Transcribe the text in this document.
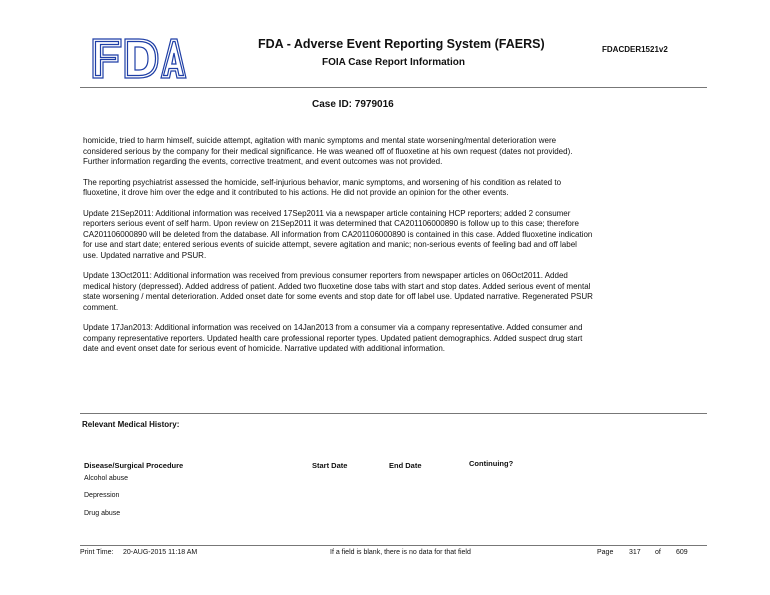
FDA
FDA - Adverse Event Reporting System (FAERS)
FOIA Case Report Information
FDACDER1521v2
Case ID: 7979016

homicide, tried to harm himself, suicide attempt, agitation with manic symptoms and mental state worsening/mental deterioration were considered serious by the company for their medical significance. He was weaned off of fluoxetine at his own request (dates not provided). Further information regarding the events, corrective treatment, and event outcomes was not provided.

The reporting psychiatrist assessed the homicide, self-injurious behavior, manic symptoms, and worsening of his condition as related to fluoxetine, it drove him over the edge and it contributed to his actions. He did not provide an opinion for the other events.

Update 21Sep2011: Additional information was received 17Sep2011 via a newspaper article containing HCP reporters; added 2 consumer reporters serious event of self harm. Upon review on 21Sep2011 it was determined that CA201106000890 is follow up to this case; therefore CA201106000890 will be deleted from the database. All information from CA201106000890 is contained in this case. Added fluoxetine indication for use and start date; entered serious events of suicide attempt, severe agitation and manic; non-serious events of feeling bad and off label use. Updated narrative and PSUR.

Update 13Oct2011: Additional information was received from previous consumer reporters from newspaper articles on 06Oct2011. Added medical history (depressed). Added address of patient. Added two fluoxetine dose tabs with start and stop dates. Added serious event of mental state worsening / mental deterioration. Added onset date for some events and stop date for off label use. Updated narrative. Regenerated PSUR comment.

Update 17Jan2013: Additional information was received on 14Jan2013 from a consumer via a company representative. Added consumer and company representative reporters. Updated health care professional reporter types. Updated patient demographics. Added suspect drug start date and event onset date for serious event of homicide. Narrative updated with additional information.

Relevant Medical History:
Disease/Surgical Procedure	Start Date	End Date	Continuing?
Alcohol abuse
Depression
Drug abuse
Print Time: 20-AUG-2015 11:18 AM	If a field is blank, there is no data for that field	Page 317 of 609
